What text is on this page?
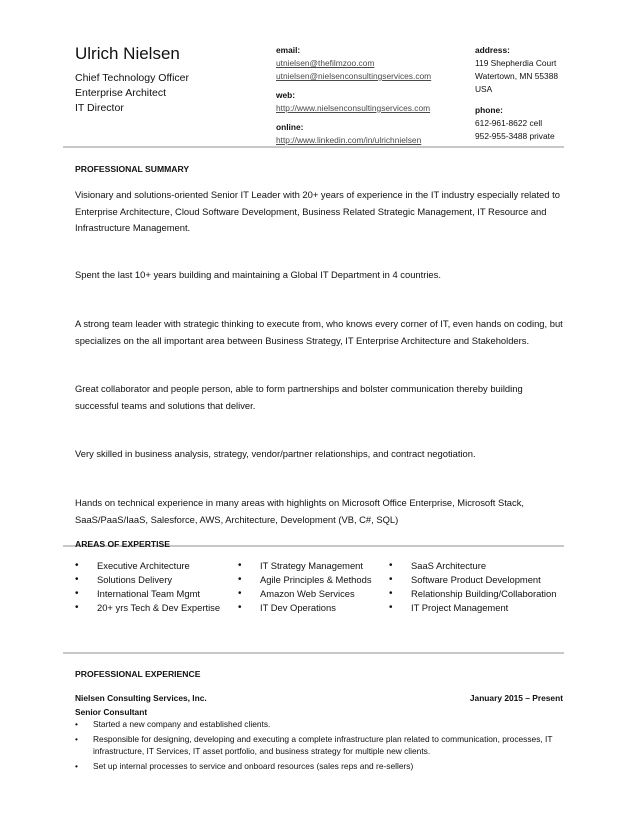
Ulrich Nielsen
Chief Technology Officer
Enterprise Architect
IT Director
email:
utnielsen@thefilmzoo.com
utnielsen@nielsenconsultingservices.com
web:
http://www.nielsenconsultingservices.com
online:
http://www.linkedin.com/in/ulrichnielsen
address:
119 Shepherdia Court
Watertown, MN 55388
USA
phone:
612-961-8622 cell
952-955-3488 private
PROFESSIONAL SUMMARY
Visionary and solutions-oriented Senior IT Leader with 20+ years of experience in the IT industry especially related to Enterprise Architecture, Cloud Software Development, Business Related Strategic Management, IT Resource and Infrastructure Management.
Spent the last 10+ years building and maintaining a Global IT Department in 4 countries.
A strong team leader with strategic thinking to execute from, who knows every corner of IT, even hands on coding, but specializes on the all important area between Business Strategy, IT Enterprise Architecture and Stakeholders.
Great collaborator and people person, able to form partnerships and bolster communication thereby building successful teams and solutions that deliver.
Very skilled in business analysis, strategy, vendor/partner relationships, and contract negotiation.
Hands on technical experience in many areas with highlights on Microsoft Office Enterprise, Microsoft Stack, SaaS/PaaS/IaaS, Salesforce, AWS, Architecture, Development (VB, C#, SQL)
AREAS OF EXPERTISE
• Executive Architecture
• Solutions Delivery
• International Team Mgmt
• 20+ yrs Tech & Dev Expertise
• IT Strategy Management
• Agile Principles & Methods
• Amazon Web Services
• IT Dev Operations
• SaaS Architecture
• Software Product Development
• Relationship Building/Collaboration
• IT Project Management
PROFESSIONAL EXPERIENCE
Nielsen Consulting Services, Inc.	January 2015 – Present
Senior Consultant
• Started a new company and established clients.
• Responsible for designing, developing and executing a complete infrastructure plan related to communication, processes, IT infrastructure, IT Services, IT asset portfolio, and business strategy for multiple new clients.
• Set up internal processes to service and onboard resources (sales reps and re-sellers)
